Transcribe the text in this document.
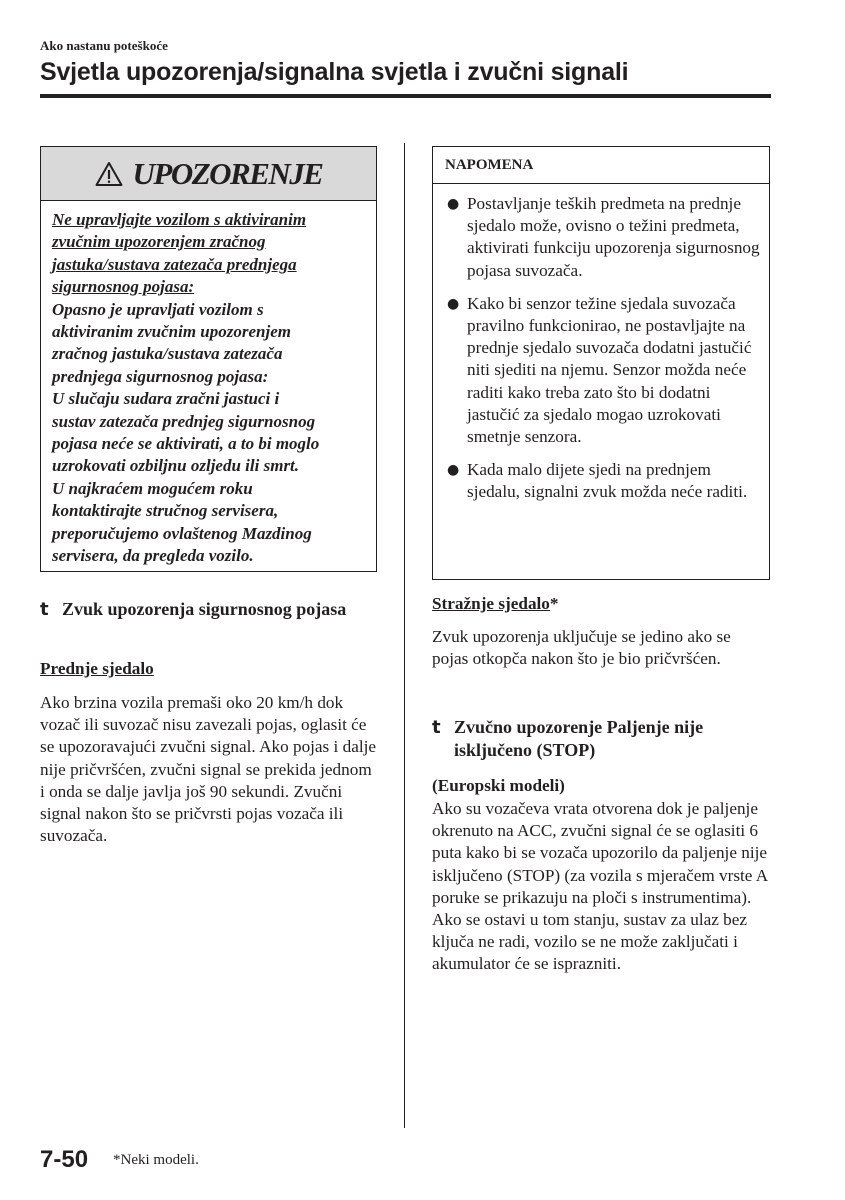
Ako nastanu poteškoće
Svjetla upozorenja/signalna svjetla i zvučni signali
UPOZORENJE

Ne upravljajte vozilom s aktiviranim

zvučnim upozorenjem zračnog

jastuka/sustava zatezača prednjega

sigurnosnog pojasa:

Opasno je upravljati vozilom s

aktiviranim zvučnim upozorenjem

zračnog jastuka/sustava zatezača

prednjega sigurnosnog pojasa:

U slučaju sudara zračni jastuci i

sustav zatezača prednjeg sigurnosnog

pojasa neće se aktivirati, a to bi moglo

uzrokovati ozbiljnu ozljedu ili smrt.

U najkraćem mogućem roku

kontaktirajte stručnog servisera,

preporučujemo ovlaštenog Mazdinog

servisera, da pregleda vozilo.

t Zvuk upozorenja sigurnosnog pojasa
Prednje sjedalo

Ako brzina vozila premaši oko 20 km/h dok vozač ili suvozač nisu zavezali pojas, oglasit će se upozoravajući zvučni signal. Ako pojas i dalje nije pričvršćen, zvučni signal se prekida jednom i onda se dalje javlja još 90 sekundi. Zvučni signal nakon što se pričvrsti pojas vozača ili suvozača.

NAPOMENA
● Postavljanje teških predmeta na prednje sjedalo može, ovisno o težini predmeta, aktivirati funkciju upozorenja sigurnosnog pojasa suvozača.
● Kako bi senzor težine sjedala suvozača pravilno funkcionirao, ne postavljajte na prednje sjedalo suvozača dodatni jastučić niti sjediti na njemu. Senzor možda neće raditi kako treba zato što bi dodatni jastučić za sjedalo mogao uzrokovati smetnje senzora.
● Kada malo dijete sjedi na prednjem sjedalu, signalni zvuk možda neće raditi.
Stražnje sjedalo*

Zvuk upozorenja uključuje se jedino ako se pojas otkopča nakon što je bio pričvršćen.

t Zvučno upozorenje Paljenje nije isključeno (STOP)
(Europski modeli)

Ako su vozačeva vrata otvorena dok je paljenje okrenuto na ACC, zvučni signal će se oglasiti 6 puta kako bi se vozača upozorilo da paljenje nije isključeno (STOP) (za vozila s mjeračem vrste A poruke se prikazuju na ploči s instrumentima). Ako se ostavi u tom stanju, sustav za ulaz bez ključa ne radi, vozilo se ne može zaključati i akumulator će se isprazniti.

7-50 *Neki modeli.
